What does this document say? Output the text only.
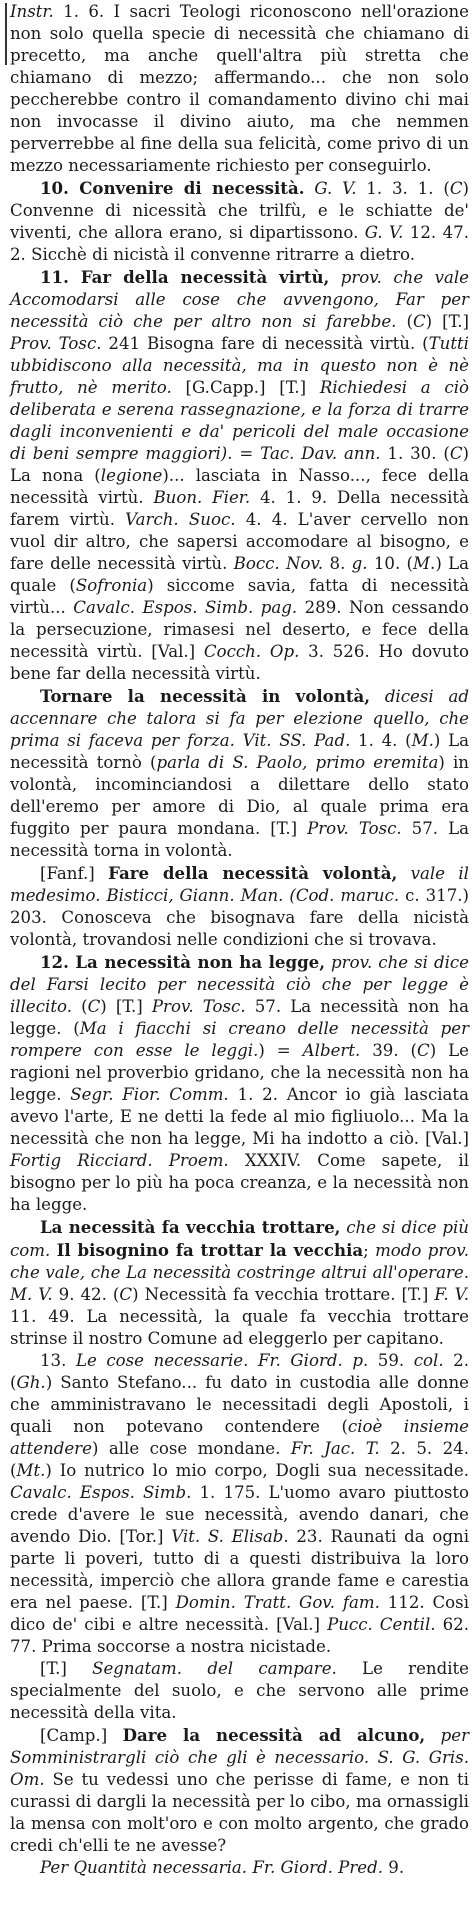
Instr. 1. 6. I sacri Teologi riconoscono nell'orazione non solo quella specie di necessità che chiamano di precetto, ma anche quell'altra più stretta che chiamano di mezzo; affermando... che non solo peccherebbe contro il comandamento divino chi mai non invocasse il divino aiuto, ma che nemmen perverrebbe al fine della sua felicità, come privo di un mezzo necessariamente richiesto per conseguirlo.

10. Convenire di necessità. G. V. 1. 3. 1. (C) Convenne di nicessità che trilfù, e le schiatte de' viventi, che allora erano, si dipartissono. G. V. 12. 47. 2. Sicchè di nicistà il convenne ritrarre a dietro.

11. Far della necessità virtù, prov. che vale Accomodarsi alle cose che avvengono, Far per necessità ciò che per altro non si farebbe. (C) [T.] Prov. Tosc. 241 Bisogna fare di necessità virtù. (Tutti ubbidiscono alla necessità, ma in questo non è nè frutto, nè merito. [G.Capp.] [T.] Richiedesi a ciò deliberata e serena rassegnazione, e la forza di trarre dagli inconvenienti e da' pericoli del male occasione di beni sempre maggiori). = Tac. Dav. ann. 1. 30. (C) La nona (legione)... lasciata in Nasso..., fece della necessità virtù. Buon. Fier. 4. 1. 9. Della necessità farem virtù. Varch. Suoc. 4. 4. L'aver cervello non vuol dir altro, che sapersi accomodare al bisogno, e fare delle necessità virtù. Bocc. Nov. 8. g. 10. (M.) La quale (Sofronia) siccome savia, fatta di necessità virtù... Cavalc. Espos. Simb. pag. 289. Non cessando la persecuzione, rimasesi nel deserto, e fece della necessità virtù. [Val.] Cocch. Op. 3. 526. Ho dovuto bene far della necessità virtù.

Tornare la necessità in volontà, dicesi ad accennare che talora si fa per elezione quello, che prima si faceva per forza. Vit. SS. Pad. 1. 4. (M.) La necessità tornò (parla di S. Paolo, primo eremita) in volontà, incominciandosi a dilettare dello stato dell'eremo per amore di Dio, al quale prima era fuggito per paura mondana. [T.] Prov. Tosc. 57. La necessità torna in volontà.

[Fanf.] Fare della necessità volontà, vale il medesimo. Bisticci, Giann. Man. (Cod. maruc. c. 317.) 203. Conosceva che bisognava fare della nicistà volontà, trovandosi nelle condizioni che si trovava.

12. La necessità non ha legge, prov. che si dice del Farsi lecito per necessità ciò che per legge è illecito. (C) [T.] Prov. Tosc. 57. La necessità non ha legge. (Ma i fiacchi si creano delle necessità per rompere con esse le leggi.) = Albert. 39. (C) Le ragioni nel proverbio gridano, che la necessità non ha legge. Segr. Fior. Comm. 1. 2. Ancor io già lasciata avevo l'arte, E ne detti la fede al mio figliuolo... Ma la necessità che non ha legge, Mi ha indotto a ciò. [Val.] Fortig Ricciard. Proem. XXXIV. Come sapete, il bisogno per lo più ha poca creanza, e la necessità non ha legge.

La necessità fa vecchia trottare, che si dice più com. Il bisognino fa trottar la vecchia; modo prov. che vale, che La necessità costringe altrui all'operare. M. V. 9. 42. (C) Necessità fa vecchia trottare. [T.] F. V. 11. 49. La necessità, la quale fa vecchia trottare strinse il nostro Comune ad eleggerlo per capitano.

13. Le cose necessarie. Fr. Giord. p. 59. col. 2. (Gh.) Santo Stefano... fu dato in custodia alle donne che amministravano le necessitadi degli Apostoli, i quali non potevano contendere (cioè insieme attendere) alle cose mondane. Fr. Jac. T. 2. 5. 24. (Mt.) Io nutrico lo mio corpo, Dogli sua necessitade. Cavalc. Espos. Simb. 1. 175. L'uomo avaro piuttosto crede d'avere le sue necessità, avendo danari, che avendo Dio. [Tor.] Vit. S. Elisab. 23. Raunati da ogni parte li poveri, tutto di a questi distribuiva la loro necessità, imperciò che allora grande fame e carestia era nel paese. [T.] Domin. Tratt. Gov. fam. 112. Così dico de' cibi e altre necessità. [Val.] Pucc. Centil. 62. 77. Prima soccorse a nostra nicistade.

[T.] Segnatam. del campare. Le rendite specialmente del suolo, e che servono alle prime necessità della vita.

[Camp.] Dare la necessità ad alcuno, per Somministrargli ciò che gli è necessario. S. G. Gris. Om. Se tu vedessi uno che perisse di fame, e non ti curassi di dargli la necessità per lo cibo, ma ornassigli la mensa con molt'oro e con molto argento, che grado credi ch'elli te ne avesse?

Per Quantità necessaria. Fr. Giord. Pred. 9.
